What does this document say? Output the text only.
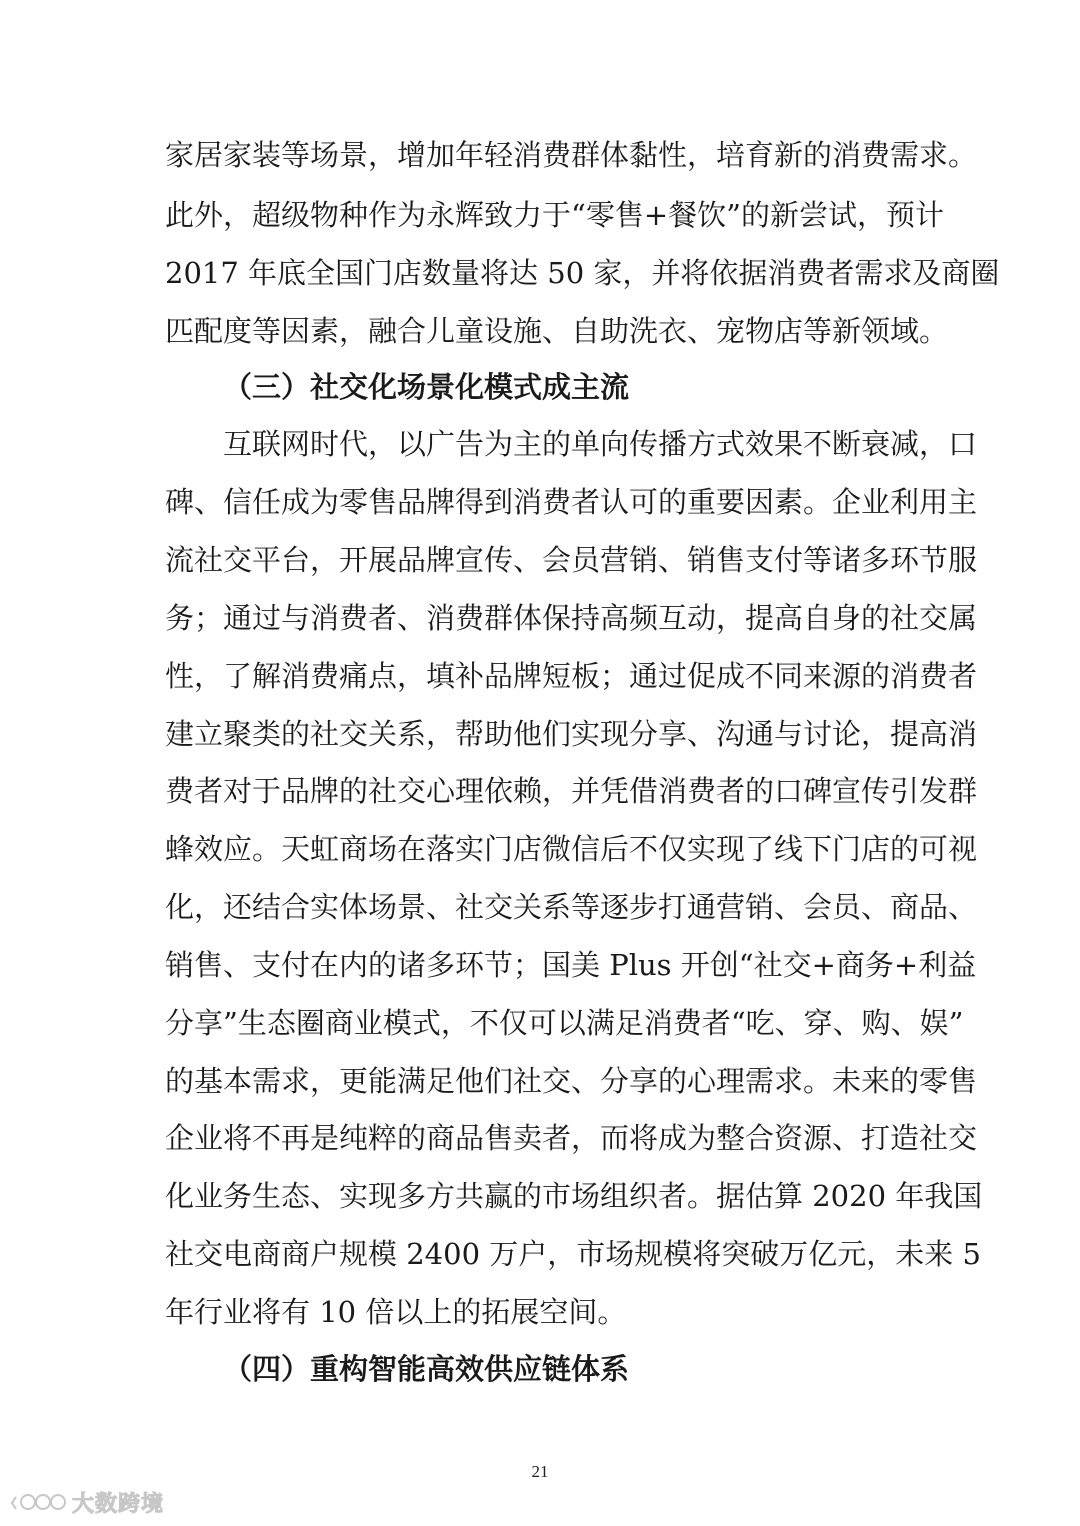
家居家装等场景，增加年轻消费群体黏性，培育新的消费需求。
此外，超级物种作为永辉致力于“零售+餐饮”的新尝试，预计
2017 年底全国门店数量将达 50 家，并将依据消费者需求及商圈
匹配度等因素，融合儿童设施、自助洗衣、宠物店等新领域。
（三）社交化场景化模式成主流
　　互联网时代，以广告为主的单向传播方式效果不断衰减，口
碑、信任成为零售品牌得到消费者认可的重要因素。企业利用主
流社交平台，开展品牌宣传、会员营销、销售支付等诸多环节服
务；通过与消费者、消费群体保持高频互动，提高自身的社交属
性，了解消费痛点，填补品牌短板；通过促成不同来源的消费者
建立聚类的社交关系，帮助他们实现分享、沟通与讨论，提高消
费者对于品牌的社交心理依赖，并凭借消费者的口碑宣传引发群
蜂效应。天虹商场在落实门店微信后不仅实现了线下门店的可视
化，还结合实体场景、社交关系等逐步打通营销、会员、商品、
销售、支付在内的诸多环节；国美 Plus 开创“社交+商务+利益
分享”生态圈商业模式，不仅可以满足消费者“吃、穿、购、娱”
的基本需求，更能满足他们社交、分享的心理需求。未来的零售
企业将不再是纯粹的商品售卖者，而将成为整合资源、打造社交
化业务生态、实现多方共赢的市场组织者。据估算 2020 年我国
社交电商商户规模 2400 万户，市场规模将突破万亿元，未来 5
年行业将有 10 倍以上的拓展空间。
（四）重构智能高效供应链体系
21
大数跨境
